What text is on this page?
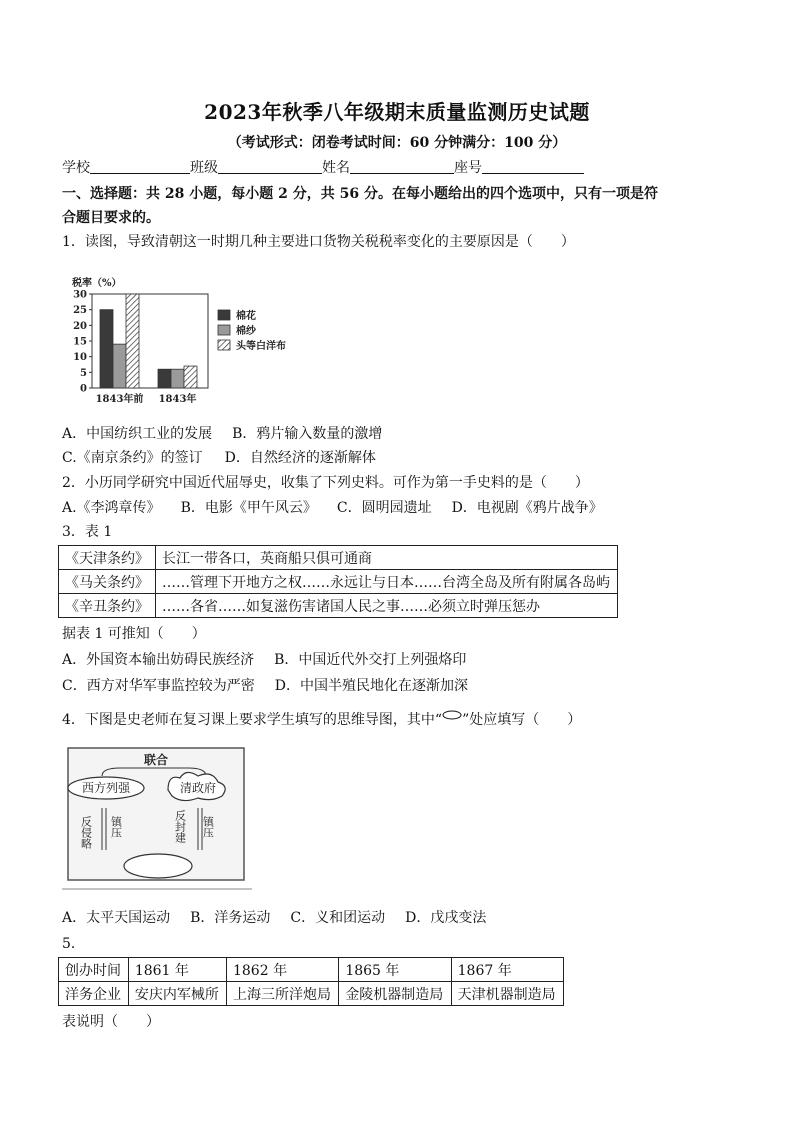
2023年秋季八年级期末质量监测历史试题
（考试形式：闭卷考试时间：60 分钟满分：100 分）
学校	班级	姓名	座号
一、选择题：共 28 小题，每小题 2 分，共 56 分。在每小题给出的四个选项中，只有一项是符
合题目要求的。
1．读图，导致清朝这一时期几种主要进口货物关税税率变化的主要原因是（　　）
税率（%）
0
5
10
15
20
25
30
1843年前 1843年
棉花
棉纱
头等白洋布
A．中国纺织工业的发展 B．鸦片输入数量的激增
C.《南京条约》的签订 D．自然经济的逐渐解体
2．小历同学研究中国近代屈辱史，收集了下列史料。可作为第一手史料的是（　　）
A.《李鸿章传》 B．电影《甲午风云》 C．圆明园遗址 D．电视剧《鸦片战争》
3．表 1
《天津条约》	长江一带各口，英商船只俱可通商
《马关条约》	……管理下开地方之权……永远让与日本……台湾全岛及所有附属各岛屿
《辛丑条约》	……各省……如复滋伤害诸国人民之事……必须立时弹压惩办
据表 1 可推知（　　）
A．外国资本输出妨碍民族经济 B．中国近代外交打上列强烙印
C．西方对华军事监控较为严密 D．中国半殖民地化在逐渐加深
4．下图是史老师在复习课上要求学生填写的思维导图，其中“ ”处应填写（　　）
联合
西方列强	清政府
反侵略 镇压	反封建 镇压
A．太平天国运动 B．洋务运动 C．义和团运动 D．戊戌变法
5．
创办时间	1861 年	1862 年	1865 年	1867 年
洋务企业	安庆内军械所	上海三所洋炮局	金陵机器制造局	天津机器制造局
表说明（　　）
